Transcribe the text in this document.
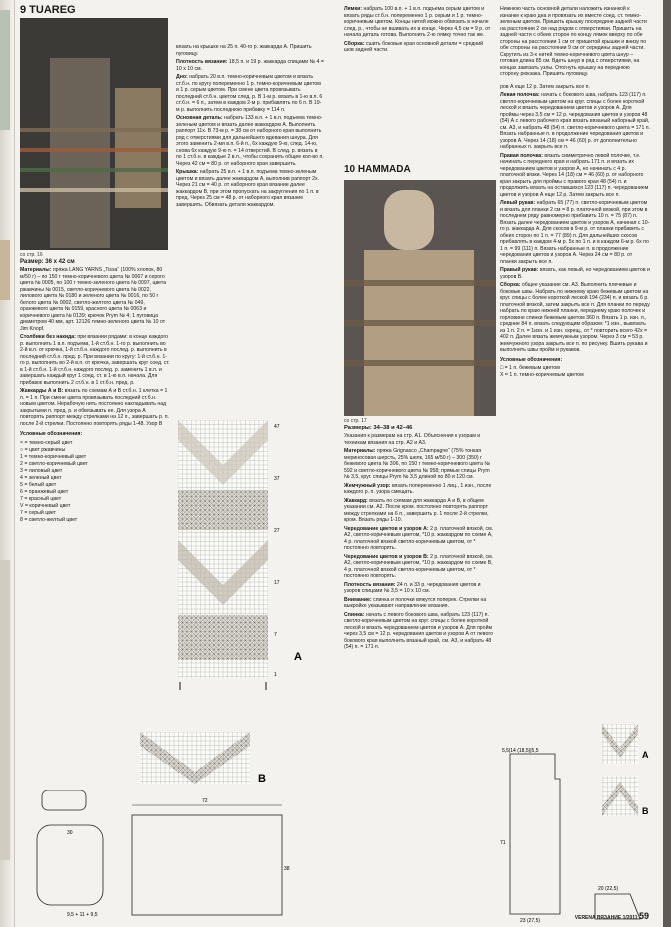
9 TUAREG
со стр. 16

Размер: 36 х 42 см

Материалы: пряжа LANG YARNS „Tissa“ (100% хлопок, 80 м/50 г) – по 150 г темно-коричневого цвета № 0067 и серого цвета № 0005, по 100 г темно-зеленого цвета № 0097, цвета ржавчины № 0015, светло-коричневого цвета № 0022, лилового цвета № 0180 и зеленого цвета № 0016, по 50 г белого цвета № 0002, светло-желтого цвета № 049, оранжевого цвета № 0159, красного цвета № 0063 и коричневого цвета № 0139; крючок Prym № 4; 1 пуговица диаметром 40 мм, арт. 12126 темно-зеленого цвета № 10 от Jim Knopf.

Столбики без накида: при вязании рядами: в конце каждого р. выполнить 1 в.п. подъема, 1-й ст.б.н. 1-го р. выполнить во 2-й в.п. от крючка, 1-й ст.б.н. каждого послед. р. выполнить в последний ст.б.н. пред. р. При вязании по кругу: 1-й ст.б.н. 1-го р. выполнить во 2-й в.п. от крючка, завершать круг соед. ст. в 1-й ст.б.н. 1-й ст.б.н. каждого послед. р. заменить 1 в.п. и завершать каждый круг 1 соед. ст. в 1-ю в.п. начала. Для прибавок выполнить 2 ст.б.н. в 1 ст.б.н. пред. р.

Жаккарды А и В: вязать по схемам А и В ст.б.н. 1 клетка = 1 п. = 1 п. При смене цвета провязывать последний ст.б.н. новым цветом. Нерабочую нить постоянно накладывать над закрытыми п. пред. р. и обвязывать ее. Для узора А повторять раппорт между стрелками на 12 п., завершать р. п. после 2-й стрелки. Постоянно повторять ряды 1-48. Узор В

Условные обозначения:

× = темно-серый цвет
○ = цвет ржавчины
1 = темно-коричневый цвет
2 = светло-коричневый цвет
3 = лиловый цвет
4 = зеленый цвет
5 = белый цвет
6 = оранжевый цвет
7 = красный цвет
V = коричневый цвет
7 = серый цвет
8 = светло-желтый цвет

вязать на крышке на 25 п. 40-го р. жаккарда А. Пришить пуговицу.

Плотность вязания: 18,5 п. и 19 р. жаккарда спицами № 4 = 10 х 10 см.

Дно: набрать 20 в.п. темно-коричневым цветом и вязать ст.б.н. по кругу попеременно 1 р. темно-коричневым цветом и 1 р. серым цветом. При смене цвета провязывать последний ст.б.н. цветом след. р. В 1-м р. вязать в 1-ю в.п. 6 ст.б.н. = 6 п., затем в каждом 2-м р. прибавлять по 6 п. В 19-м р. выполнить последнюю прибавку = 114 п.

Основная деталь: набрать 133 в.п. + 1 в.п. подъема темно-зеленым цветом и вязать далее жаккардом А. Выполнить раппорт 11х. В 73-м р. = 38 см от наборного края выполнить ряд с отверстиями для дальнейшего вдевания шнура. Для этого заменить 2-мя в.п. 6-й п., 6х каждую 9-ю, след. 14-ю, снова 6х каждую 9-ю п. = 14 отверстий. В след. р. вязать в по 1 ст.б.н. в каждые 2 в.п., чтобы сохранить общее кол-во п. Через 42 см = 80 р. от наборного края завершить.

Крышка: набрать 25 в.п. + 1 в.п. подъема темно-зеленым цветом и вязать далее жаккардом А, выполнив раппорт 2х. Через 21 см = 40 р. от наборного края вязание далее жаккардом В, при этом пропускать на закругления по 1 п. в пред. Через 25 см = 48 р. от наборного края вязание завершить. Обвязать детали жаккардом.

47
37
27
17
7
1
A
B
72
38
30
9,5 + 11 + 9,5
10 HAMMADA

Лямки: набрать 100 в.п. + 1 в.п. подъема серым цветом и вязать ряды ст.б.н. попеременно 1 р. серым и 1 р. темно-коричневым цветом. Концы нитей можно обвязать в начале след. р., чтобы не вшивать их в конце. Через 4,5 см = 9 р. от начала деталь готова. Выполнить 2-ю лямку точно так же.

Сборка: сшить боковые края основной детали = средний шов задней части.

со стр. 17

Размеры: 34–38 и 42–46

Указания к размерам на стр. А1. Объяснения к узорам и техникам вязания на стр. А2 и А3.

Материалы: пряжа Grignasco „Champagne“ (75% тонкая мериносовая шерсть, 25% шелк, 165 м/50 г) – 300 (350) г бежевого цвета № 306, по 150 г темно-коричневого цвета № 592 и светло-коричневого цвета № 958; прямые спицы Prym № 3,5, круг. спицы Prym № 3,5 длиной по 80 и 120 см.

Жемчужный узор: вязать попеременно 1 лиц., 1 изн., после каждого р. п. узора смещать.

Жаккард: вязать по схемам для жаккарда А и В, в общем указании см. А2. После кром. постоянно повторять раппорт между стрелками на 6 п., завершить р. 1 после 2-й стрелки, кром. Вязать ряды 1-10.

Чередование цветов и узоров А: 2 р. платочной вязкой, см. А2, светло-коричневым цветом, *10 р. жаккардом по схеме А, 4 р. платочной вязкой светло-коричневым цветом, от * постоянно повторять.

Чередование цветов и узоров В: 2 р. платочной вязкой, см. А2, светло-коричневым цветом, *10 р. жаккардом по схеме В, 4 р. платочной вязкой светло-коричневым цветом, от * постоянно повторять.

Плотность вязания: 24 п. и 33 р. чередования цветов и узоров спицами № 3,5 = 10 х 10 см.

Внимание: спинка и полочки вяжутся поперек. Стрелки на выкройке указывают направление вязания.

Спинка: начать с левого бокового шва, набрать 123 (117) п. светло-коричневым цветом на круг. спицы с более короткой леской и вязать чередованием цветов и узоров А. Для пройм через 3,5 см = 12 р. чередования цветов и узоров А от левого бокового края выполнить вязаный край, см. А3, и набрать 48 (54) п. = 171 п.

Нижнюю часть основной детали наложить изнанкой к изнанке к краю дна и провязать их вместе соед. ст. темно-зеленым цветом. Пришить крышку посередине задней части на расстоянии 2 см над рядом с отверстиями. Пришить на задней части с обеих сторон по концу лямок вверху по обе стороны на расстоянии 1 см от пришитой крышки и внизу по обе стороны на расстоянии 9 см от середины задней части. Скрутить из 3-х нитей темно-коричневого цвета шнур – готовая длина 85 см. Вдеть шнур в ряд с отверстиями, на концах завязать узлы. Отогнуть крышку на переднюю сторону рюкзака. Пришить пуговицу.

ров А еще 12 р. Затем закрыть все п.

Левая полочка: начать с бокового шва, набрать 123 (117) п. светло-коричневым цветом на круг. спицы с более короткой леской и вязать чередованием цветов и узоров А. Для проймы через 3,5 см = 12 р. чередования цветов и узоров 48 (54) А с левого рабочего края вязать вязаный наборный край, см. А3, и набрать 48 (54) п. светло-коричневого цвета = 171 п. Вязать набранные п. в продолжение чередования цветов и узоров А. Через 14 (18) см = 46 (60) р. от дополнительно набранных п. закрыть все п.

Правая полочка: вязать симметрично левой полочке, т.е. начинать с переднего края и набрать 171 п. и вязать их чередованием цветов и узоров А, но начинать с 4 р. платочной вязки. Через 14 (18) см = 46 (60) р. от наборного края закрыть для проймы с правого края 48 (54) п. и продолжить вязать на оставшихся 123 (117) п. чередованием цветов и узоров А еще 12 р. Затем закрыть все п.

Левый рукав: набрать 65 (77) п. светло-коричневым цветом и вязать для планки 2 см = 8 р. платочной вязкой, при этом в последнем ряду равномерно прибавить 10 п. = 75 (87) п. Вязать далее чередованием цветов и узоров А, начиная с 10-го р. жаккарда А. Для скосов в 9-м р. от планки прибавить с обеих сторон по 1 п. = 77 (89) п. Для дальнейших скосов прибавлять в каждом 4-м р. 5х по 1 п. и в каждом 6-м р. 6х по 1 п. = 99 (111) п. Вязать набранные п. в продолжение чередования цветов и узоров А. Через 24 см = 80 р. от планки закрыть все п.

Правый рукав: вязать, как левый, но чередованием цветов и узоров В.

Сборка: общее указание см. А3. Выполнить плечевые и боковые швы. Набрать по нижнему краю бежевым цветом на круг. спицы с более короткой леской 194 (234) п. и вязать 6 р. платочной вязкой, затем закрыть все п. Для планки по переду набрать по краю нижней планки, переднему краю полочек и горловине спинки бежевым цветом 360 п. Вязать 1 р. изн. п., средние 84 п. вязать следующим образом: *1 изн., вывязать из 1 п. 2 п. = 1изн. и 1 изн. скрещ., от * повторить всего 42х = 402 п. Далее вязать жемчужным узором. Через 3 см = 53 р. жемчужного узора закрыть все п. по рисунку. Вшить рукава и выполнить швы пройм и рукавов.

Условные обозначения:

□ = 1 п. бежевым цветом
X = 1 п. темно-коричневым цветом
A
B
5,5|14 (18,5)|5,5
23 (27,5)
71
20 (22,5)
VERENA ВЯЗАНИЕ 1/2011 59
